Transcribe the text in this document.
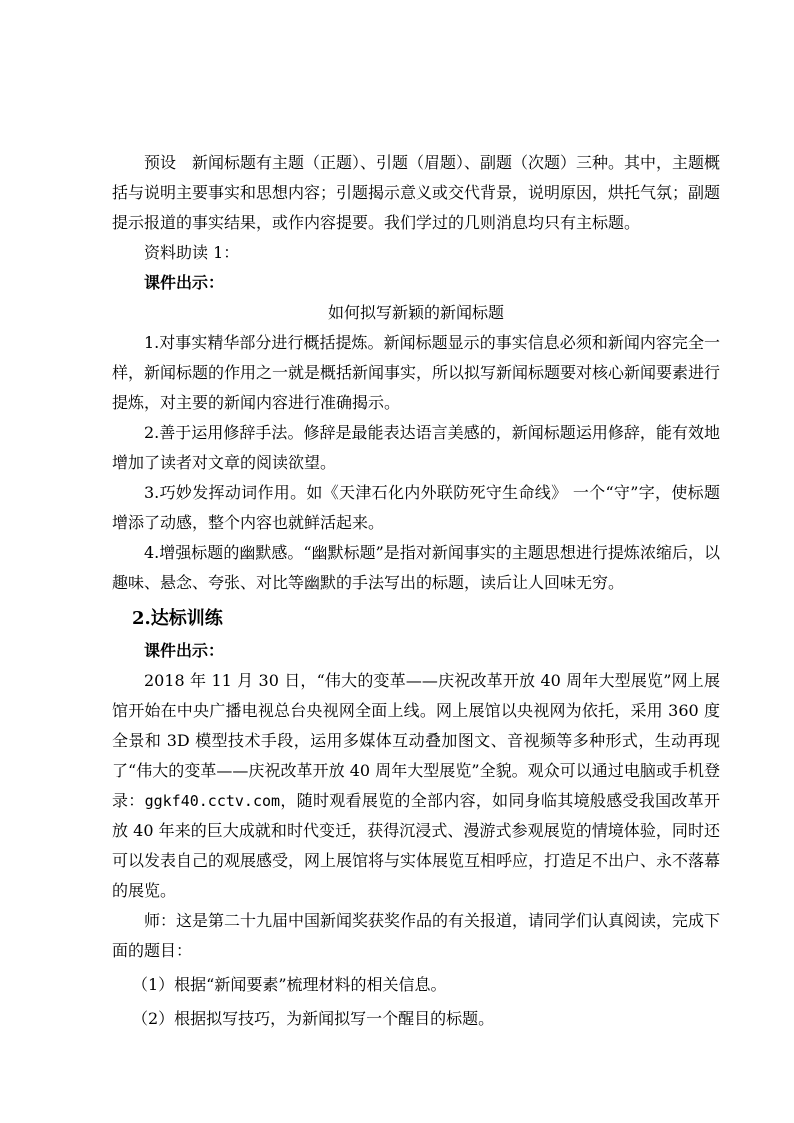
预设　新闻标题有主题（正题）、引题（眉题）、副题（次题）三种。其中，主题概括与说明主要事实和思想内容；引题揭示意义或交代背景，说明原因，烘托气氛；副题提示报道的事实结果，或作内容提要。我们学过的几则消息均只有主标题。

资料助读 1：

课件出示：

如何拟写新颖的新闻标题

1.对事实精华部分进行概括提炼。新闻标题显示的事实信息必须和新闻内容完全一样，新闻标题的作用之一就是概括新闻事实，所以拟写新闻标题要对核心新闻要素进行提炼，对主要的新闻内容进行准确揭示。

2.善于运用修辞手法。修辞是最能表达语言美感的，新闻标题运用修辞，能有效地增加了读者对文章的阅读欲望。

3.巧妙发挥动词作用。如《天津石化内外联防死守生命线》 一个“守”字，使标题增添了动感，整个内容也就鲜活起来。

4.增强标题的幽默感。“幽默标题”是指对新闻事实的主题思想进行提炼浓缩后，以趣味、悬念、夸张、对比等幽默的手法写出的标题，读后让人回味无穷。

2.达标训练

课件出示：

2018 年 11 月 30 日，“伟大的变革——庆祝改革开放 40 周年大型展览”网上展馆开始在中央广播电视总台央视网全面上线。网上展馆以央视网为依托，采用 360 度全景和 3D 模型技术手段，运用多媒体互动叠加图文、音视频等多种形式，生动再现了“伟大的变革——庆祝改革开放 40 周年大型展览”全貌。观众可以通过电脑或手机登录：ggkf40.cctv.com，随时观看展览的全部内容，如同身临其境般感受我国改革开放 40 年来的巨大成就和时代变迁，获得沉浸式、漫游式参观展览的情境体验，同时还可以发表自己的观展感受，网上展馆将与实体展览互相呼应，打造足不出户、永不落幕的展览。

师：这是第二十九届中国新闻奖获奖作品的有关报道，请同学们认真阅读，完成下面的题目：

（1）根据“新闻要素”梳理材料的相关信息。

（2）根据拟写技巧，为新闻拟写一个醒目的标题。
